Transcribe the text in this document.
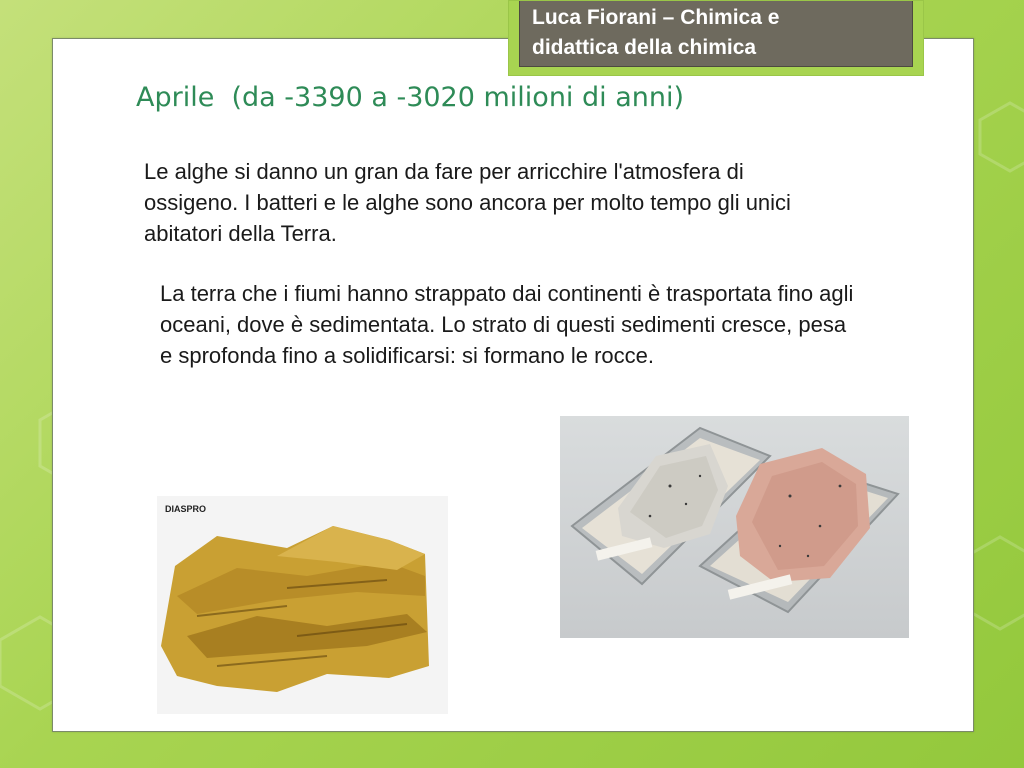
Luca Fiorani – Chimica e
didattica della chimica
Aprile  (da -3390 a -3020 milioni di anni)
Le alghe si danno un gran da fare per arricchire l'atmosfera di ossigeno. I batteri e le alghe sono ancora per molto tempo gli unici abitatori della Terra.
La terra che i fiumi hanno strappato dai continenti è trasportata fino agli oceani, dove è sedimentata. Lo strato di questi sedimenti cresce, pesa e sprofonda fino a solidificarsi: si formano le rocce.
DIASPRO
